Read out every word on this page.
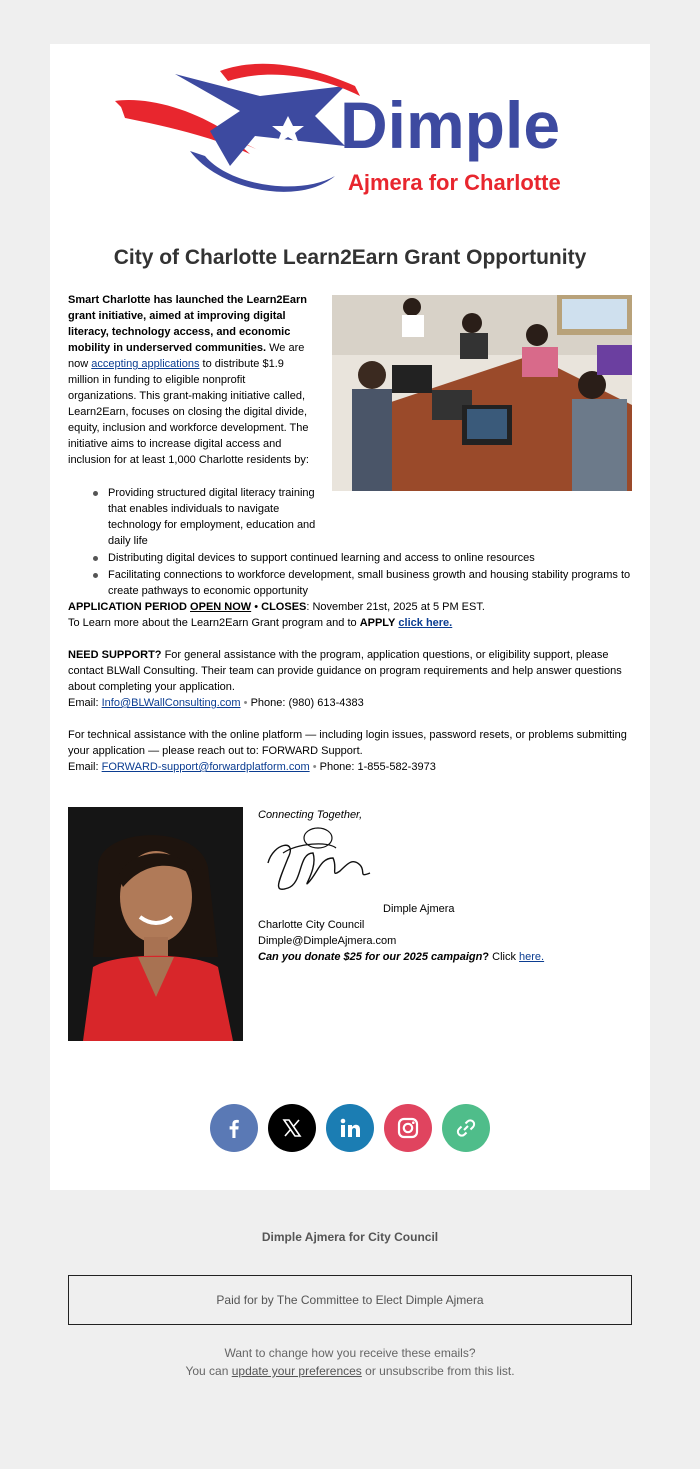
Dimple
Ajmera for Charlotte
City of Charlotte Learn2Earn Grant Opportunity
Smart Charlotte has launched the Learn2Earn grant initiative, aimed at improving digital literacy, technology access, and economic mobility in underserved communities. We are now accepting applications to distribute $1.9 million in funding to eligible nonprofit organizations. This grant-making initiative called, Learn2Earn, focuses on closing the digital divide, equity, inclusion and workforce development. The initiative aims to increase digital access and inclusion for at least 1,000 Charlotte residents by:
Providing structured digital literacy training that enables individuals to navigate technology for employment, education and daily life
Distributing digital devices to support continued learning and access to online resources
Facilitating connections to workforce development, small business growth and housing stability programs to create pathways to economic opportunity
APPLICATION PERIOD OPEN NOW • CLOSES: November 21st, 2025 at 5 PM EST.
To Learn more about the Learn2Earn Grant program and to APPLY click here.
NEED SUPPORT? For general assistance with the program, application questions, or eligibility support, please contact BLWall Consulting. Their team can provide guidance on program requirements and help answer questions about completing your application.
Email: Info@BLWallConsulting.com • Phone: (980) 613-4383
For technical assistance with the online platform — including login issues, password resets, or problems submitting your application — please reach out to: FORWARD Support.
Email: FORWARD-support@forwardplatform.com • Phone: 1-855-582-3973
Connecting Together,
Dimple Ajmera
Charlotte City Council
Dimple@DimpleAjmera.com
Can you donate $25 for our 2025 campaign? Click here.
Dimple Ajmera for City Council
Paid for by The Committee to Elect Dimple Ajmera
Want to change how you receive these emails?
You can update your preferences or unsubscribe from this list.
